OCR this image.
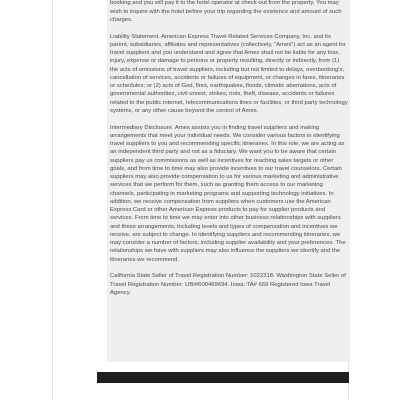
booking and you will pay it to the hotel operator at check-out from the property. You may wish to inquire with the hotel before your trip regarding the existence and amount of such charges.

Liability Statement. American Express Travel Related Services Company, Inc. and its parent, subsidiaries, affiliates and representatives (collectively, "Amex") act as an agent for travel suppliers and you understand and agree that Amex shall not be liable for any loss, injury, expense or damage to persons or property resulting, directly or indirectly, from (1) the acts of omissions of travel suppliers, including but not limited to delays, overbooking's, cancellation of services, accidents or failures of equipment, or changes in fares, itineraries or schedules; or (2) acts of God, fires, earthquakes, floods, climatic aberrations, acts of governmental authorities, civil unrest, strikes, riots, theft, disease, accidents or failures related to the public internet, telecommunications lines or facilities, or third party technology systems, or any other cause beyond the control of Amex.

Intermediary Disclosure. Amex assists you in finding travel suppliers and making arrangements that meet your individual needs. We consider various factors in identifying travel suppliers to you and recommending specific itineraries. In this role, we are acting as an independent third party and not as a fiduciary. We want you to be aware that certain suppliers pay us commissions as well as incentives for reaching sales targets or other goals, and from time to time may also provide incentives to our travel counselors. Certain suppliers may also provide compensation to us for various marketing and administrative services that we perform for them, such as granting them access to our marketing channels, participating in marketing programs and supporting technology initiatives. In addition, we receive compensation from suppliers when customers use the American Express Card or other American Express products to pay for supplier products and services. From time to time we may enter into other business relationships with suppliers and these arrangements, including levels and types of compensation and incentives we receive, are subject to change. In identifying suppliers and recommending itineraries, we may consider a number of factors, including supplier availability and your preferences. The relationships we have with suppliers may also influence the suppliers we identify and the itineraries we recommend.

California State Seller of Travel Registration Number: 1022318. Washington State Seller of Travel Registration Number: UBI#600469694. Iowa: TA# 669 Registered Iowa Travel Agency.
